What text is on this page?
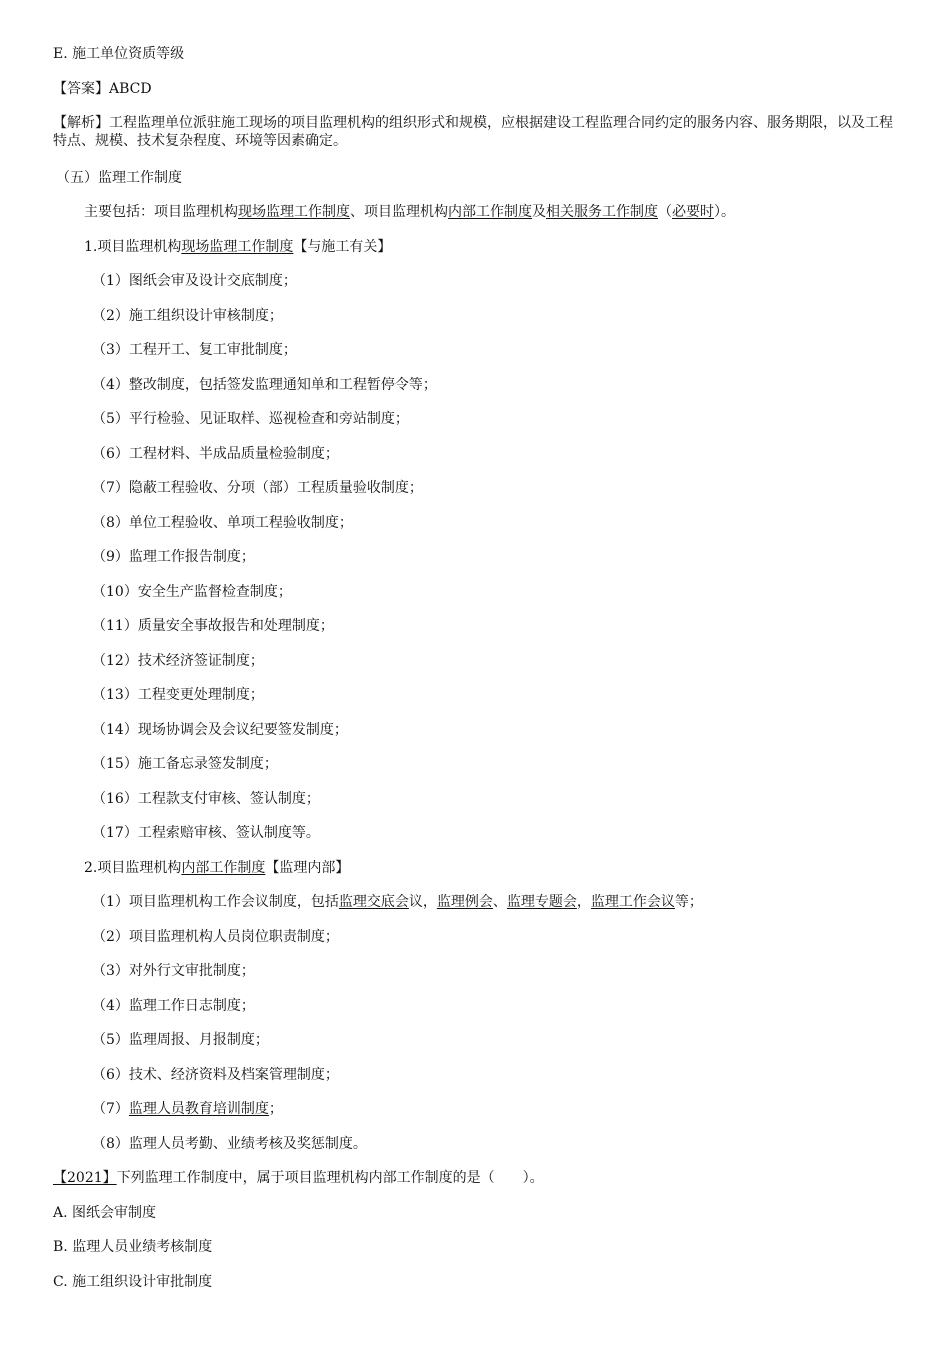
E. 施工单位资质等级
【答案】ABCD
【解析】工程监理单位派驻施工现场的项目监理机构的组织形式和规模，应根据建设工程监理合同约定的服务内容、服务期限，以及工程特点、规模、技术复杂程度、环境等因素确定。
（五）监理工作制度
主要包括：项目监理机构现场监理工作制度、项目监理机构内部工作制度及相关服务工作制度（必要时）。
1.项目监理机构现场监理工作制度【与施工有关】
（1）图纸会审及设计交底制度；
（2）施工组织设计审核制度；
（3）工程开工、复工审批制度；
（4）整改制度，包括签发监理通知单和工程暂停令等；
（5）平行检验、见证取样、巡视检查和旁站制度；
（6）工程材料、半成品质量检验制度；
（7）隐蔽工程验收、分项（部）工程质量验收制度；
（8）单位工程验收、单项工程验收制度；
（9）监理工作报告制度；
（10）安全生产监督检查制度；
（11）质量安全事故报告和处理制度；
（12）技术经济签证制度；
（13）工程变更处理制度；
（14）现场协调会及会议纪要签发制度；
（15）施工备忘录签发制度；
（16）工程款支付审核、签认制度；
（17）工程索赔审核、签认制度等。
2.项目监理机构内部工作制度【监理内部】
（1）项目监理机构工作会议制度，包括监理交底会议，监理例会、监理专题会，监理工作会议等；
（2）项目监理机构人员岗位职责制度；
（3）对外行文审批制度；
（4）监理工作日志制度；
（5）监理周报、月报制度；
（6）技术、经济资料及档案管理制度；
（7）监理人员教育培训制度；
（8）监理人员考勤、业绩考核及奖惩制度。
【2021】下列监理工作制度中，属于项目监理机构内部工作制度的是（　　）。
A. 图纸会审制度
B. 监理人员业绩考核制度
C. 施工组织设计审批制度
